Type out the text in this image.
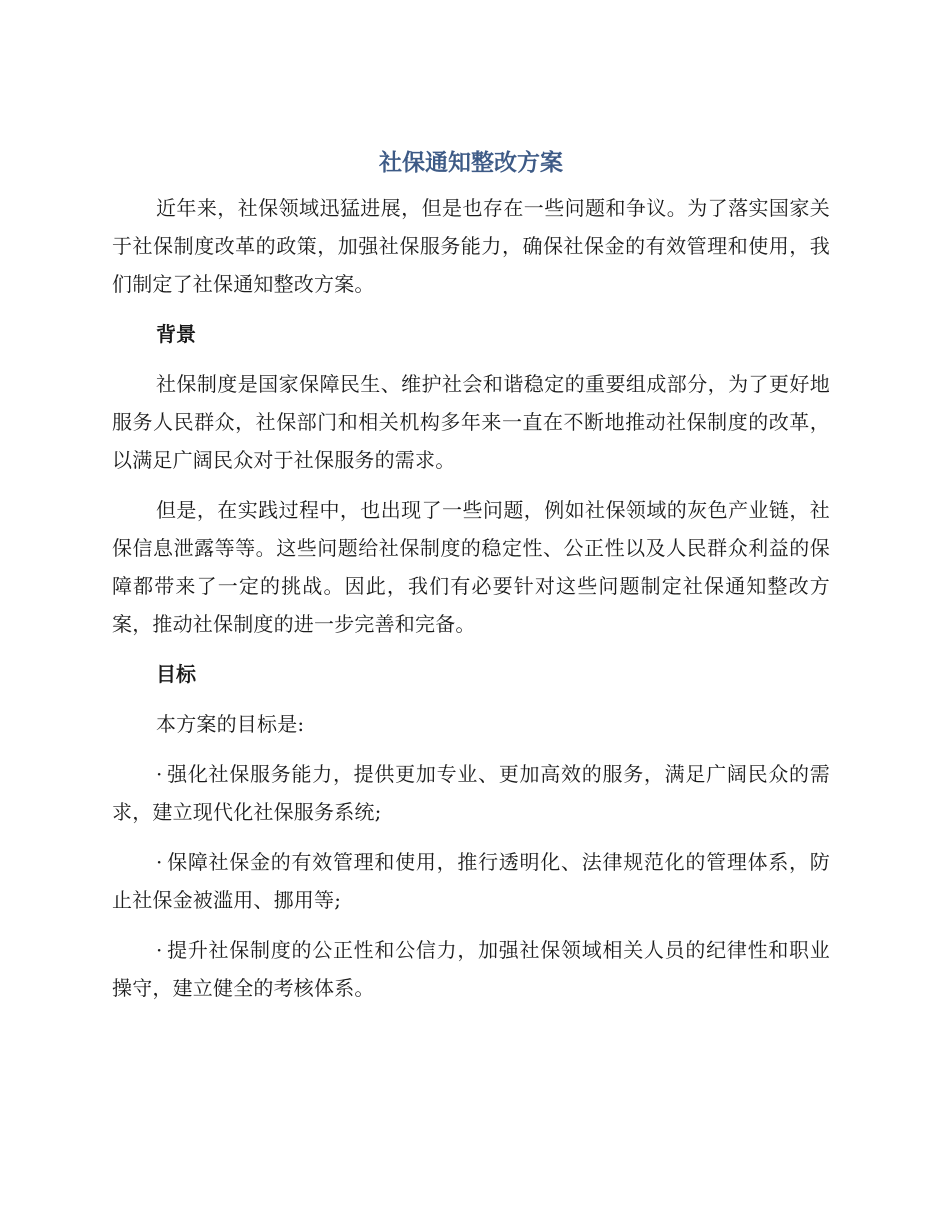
社保通知整改方案

近年来，社保领域迅猛进展，但是也存在一些问题和争议。为了落实国家关于社保制度改革的政策，加强社保服务能力，确保社保金的有效管理和使用，我们制定了社保通知整改方案。

背景

社保制度是国家保障民生、维护社会和谐稳定的重要组成部分，为了更好地服务人民群众，社保部门和相关机构多年来一直在不断地推动社保制度的改革，以满足广阔民众对于社保服务的需求。

但是，在实践过程中，也出现了一些问题，例如社保领域的灰色产业链，社保信息泄露等等。这些问题给社保制度的稳定性、公正性以及人民群众利益的保障都带来了一定的挑战。因此，我们有必要针对这些问题制定社保通知整改方案，推动社保制度的进一步完善和完备。

目标

本方案的目标是:

· 强化社保服务能力，提供更加专业、更加高效的服务，满足广阔民众的需求，建立现代化社保服务系统;

· 保障社保金的有效管理和使用，推行透明化、法律规范化的管理体系，防止社保金被滥用、挪用等;

· 提升社保制度的公正性和公信力，加强社保领域相关人员的纪律性和职业操守，建立健全的考核体系。
